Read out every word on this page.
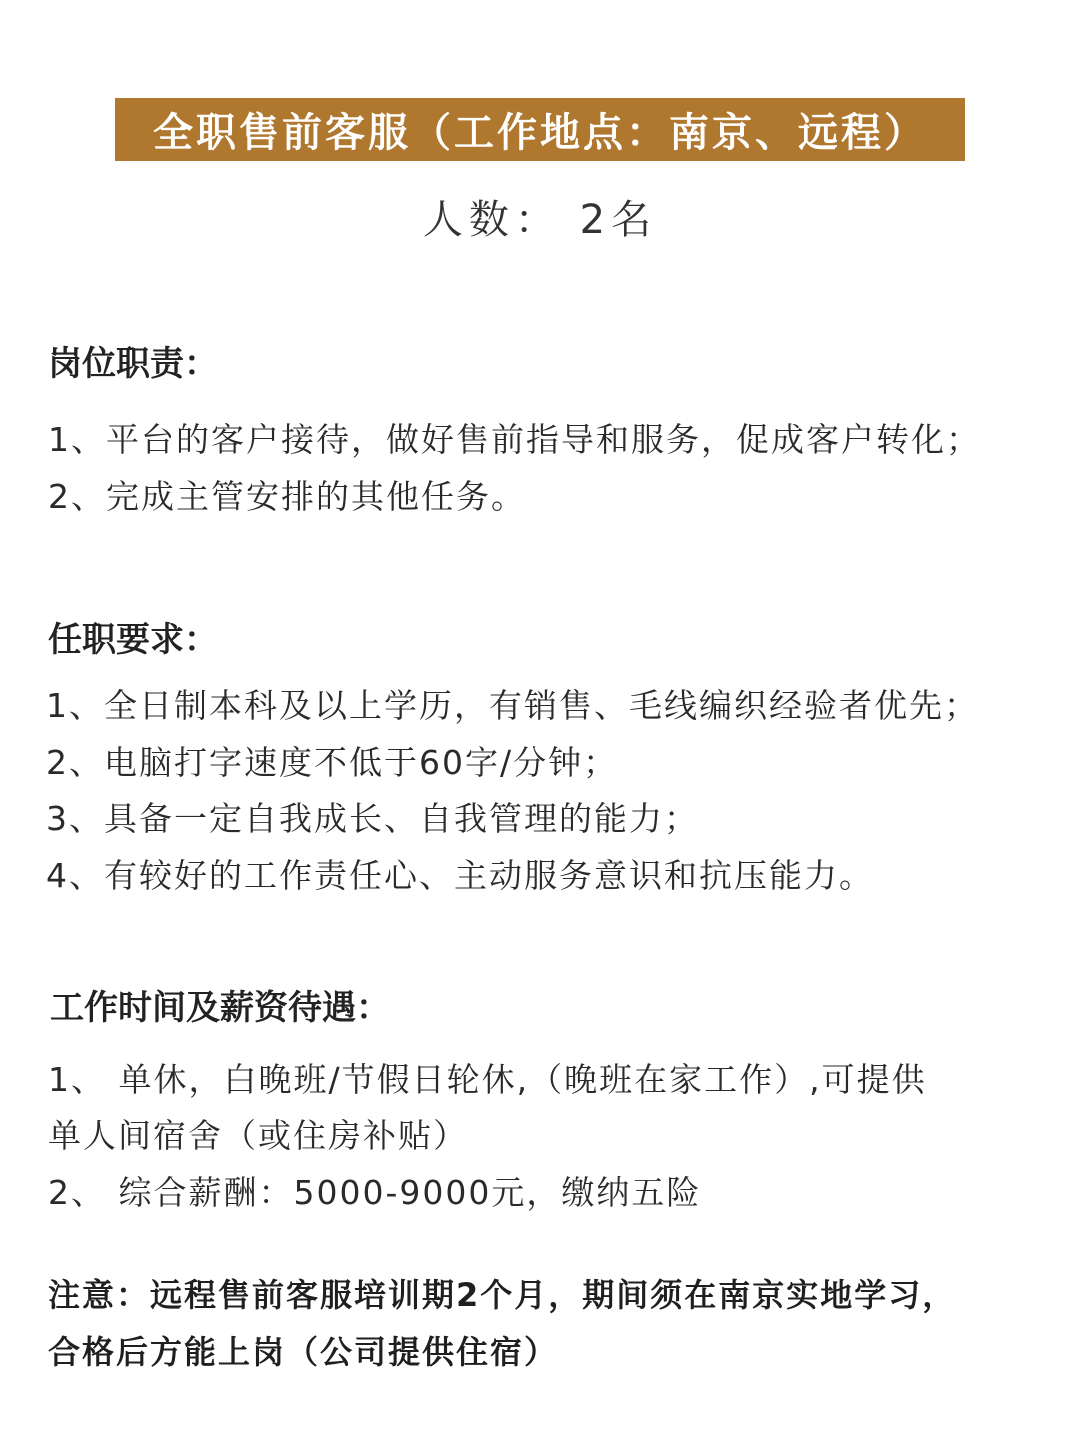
全职售前客服（工作地点：南京、远程）
人数： 2名
岗位职责：
1、平台的客户接待，做好售前指导和服务，促成客户转化；
2、完成主管安排的其他任务。
任职要求：
1、全日制本科及以上学历，有销售、毛线编织经验者优先；
2、电脑打字速度不低于60字/分钟；
3、具备一定自我成长、自我管理的能力；
4、有较好的工作责任心、主动服务意识和抗压能力。
工作时间及薪资待遇：
1、 单休，白晚班/节假日轮休,（晚班在家工作）,可提供
单人间宿舍（或住房补贴）
2、 综合薪酬：5000-9000元，缴纳五险
注意：远程售前客服培训期2个月，期间须在南京实地学习，
合格后方能上岗（公司提供住宿）
